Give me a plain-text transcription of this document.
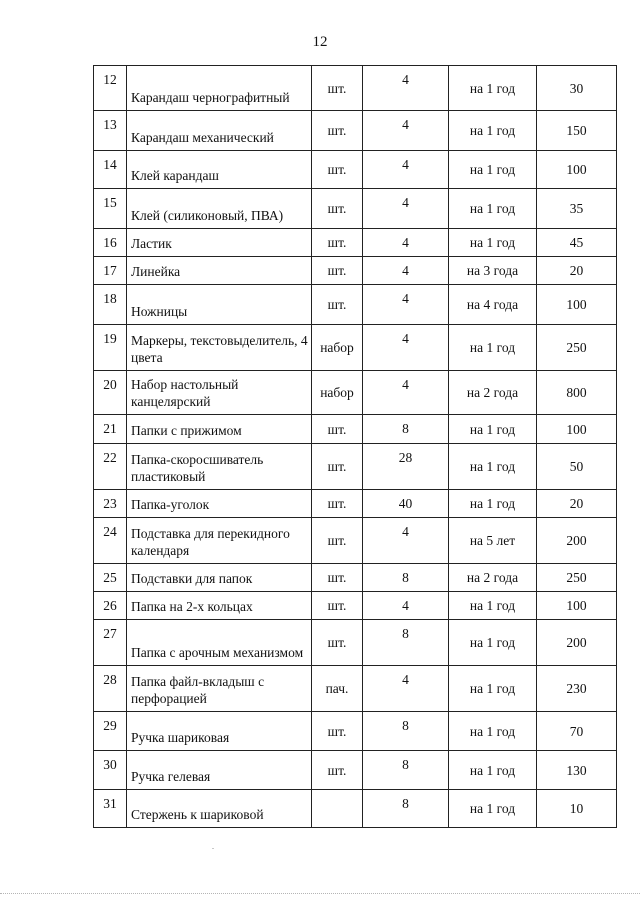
12
12	Карандаш чернографитный	шт.	4	на 1 год	30
13	Карандаш механический	шт.	4	на 1 год	150
14	Клей карандаш	шт.	4	на 1 год	100
15	Клей (силиконовый, ПВА)	шт.	4	на 1 год	35
16	Ластик	шт.	4	на 1 год	45
17	Линейка	шт.	4	на 3 года	20
18	Ножницы	шт.	4	на 4 года	100
19	Маркеры, текстовыделитель, 4 цвета	набор	4	на 1 год	250
20	Набор настольный канцелярский	набор	4	на 2 года	800
21	Папки с прижимом	шт.	8	на 1 год	100
22	Папка-скоросшиватель пластиковый	шт.	28	на 1 год	50
23	Папка-уголок	шт.	40	на 1 год	20
24	Подставка для перекидного календаря	шт.	4	на 5 лет	200
25	Подставки для папок	шт.	8	на 2 года	250
26	Папка на 2-х кольцах	шт.	4	на 1 год	100
27	Папка с арочным механизмом	шт.	8	на 1 год	200
28	Папка файл-вкладыш с перфорацией	пач.	4	на 1 год	230
29	Ручка шариковая	шт.	8	на 1 год	70
30	Ручка гелевая	шт.	8	на 1 год	130
31	Стержень к шариковой		8	на 1 год	10
